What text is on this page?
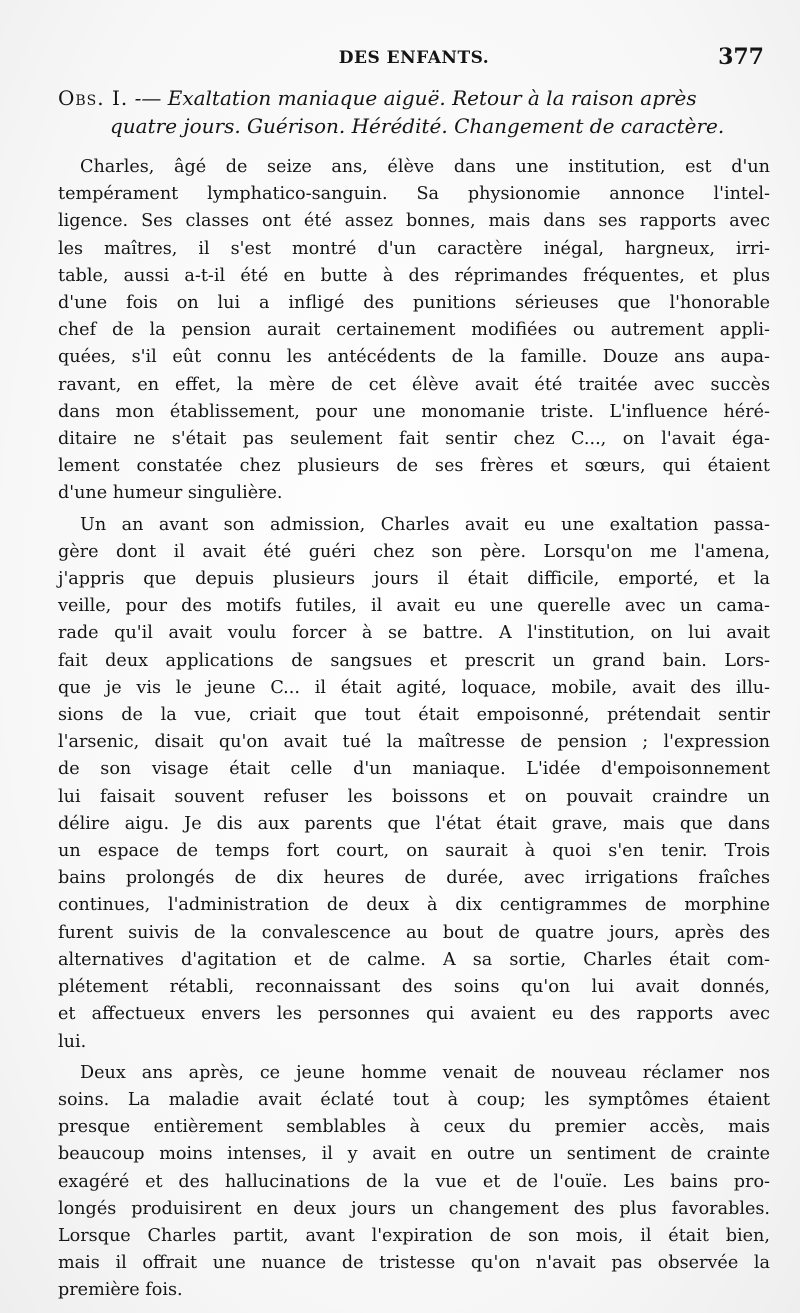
DES ENFANTS.	377
Obs. I. -— Exaltation maniaque aiguë. Retour à la raison après
quatre jours. Guérison. Hérédité. Changement de caractère.
Charles, âgé de seize ans, élève dans une institution, est d'un
tempérament lymphatico-sanguin. Sa physionomie annonce l'intel-
ligence. Ses classes ont été assez bonnes, mais dans ses rapports avec
les maîtres, il s'est montré d'un caractère inégal, hargneux, irri-
table, aussi a-t-il été en butte à des réprimandes fréquentes, et plus
d'une fois on lui a infligé des punitions sérieuses que l'honorable
chef de la pension aurait certainement modifiées ou autrement appli-
quées, s'il eût connu les antécédents de la famille. Douze ans aupa-
ravant, en effet, la mère de cet élève avait été traitée avec succès
dans mon établissement, pour une monomanie triste. L'influence héré-
ditaire ne s'était pas seulement fait sentir chez C..., on l'avait éga-
lement constatée chez plusieurs de ses frères et sœurs, qui étaient
d'une humeur singulière.
Un an avant son admission, Charles avait eu une exaltation passa-
gère dont il avait été guéri chez son père. Lorsqu'on me l'amena,
j'appris que depuis plusieurs jours il était difficile, emporté, et la
veille, pour des motifs futiles, il avait eu une querelle avec un cama-
rade qu'il avait voulu forcer à se battre. A l'institution, on lui avait
fait deux applications de sangsues et prescrit un grand bain. Lors-
que je vis le jeune C... il était agité, loquace, mobile, avait des illu-
sions de la vue, criait que tout était empoisonné, prétendait sentir
l'arsenic, disait qu'on avait tué la maîtresse de pension ; l'expression
de son visage était celle d'un maniaque. L'idée d'empoisonnement
lui faisait souvent refuser les boissons et on pouvait craindre un
délire aigu. Je dis aux parents que l'état était grave, mais que dans
un espace de temps fort court, on saurait à quoi s'en tenir. Trois
bains prolongés de dix heures de durée, avec irrigations fraîches
continues, l'administration de deux à dix centigrammes de morphine
furent suivis de la convalescence au bout de quatre jours, après des
alternatives d'agitation et de calme. A sa sortie, Charles était com-
plétement rétabli, reconnaissant des soins qu'on lui avait donnés,
et affectueux envers les personnes qui avaient eu des rapports avec
lui.
Deux ans après, ce jeune homme venait de nouveau réclamer nos
soins. La maladie avait éclaté tout à coup; les symptômes étaient
presque entièrement semblables à ceux du premier accès, mais
beaucoup moins intenses, il y avait en outre un sentiment de crainte
exagéré et des hallucinations de la vue et de l'ouïe. Les bains pro-
longés produisirent en deux jours un changement des plus favorables.
Lorsque Charles partit, avant l'expiration de son mois, il était bien,
mais il offrait une nuance de tristesse qu'on n'avait pas observée la
première fois.
